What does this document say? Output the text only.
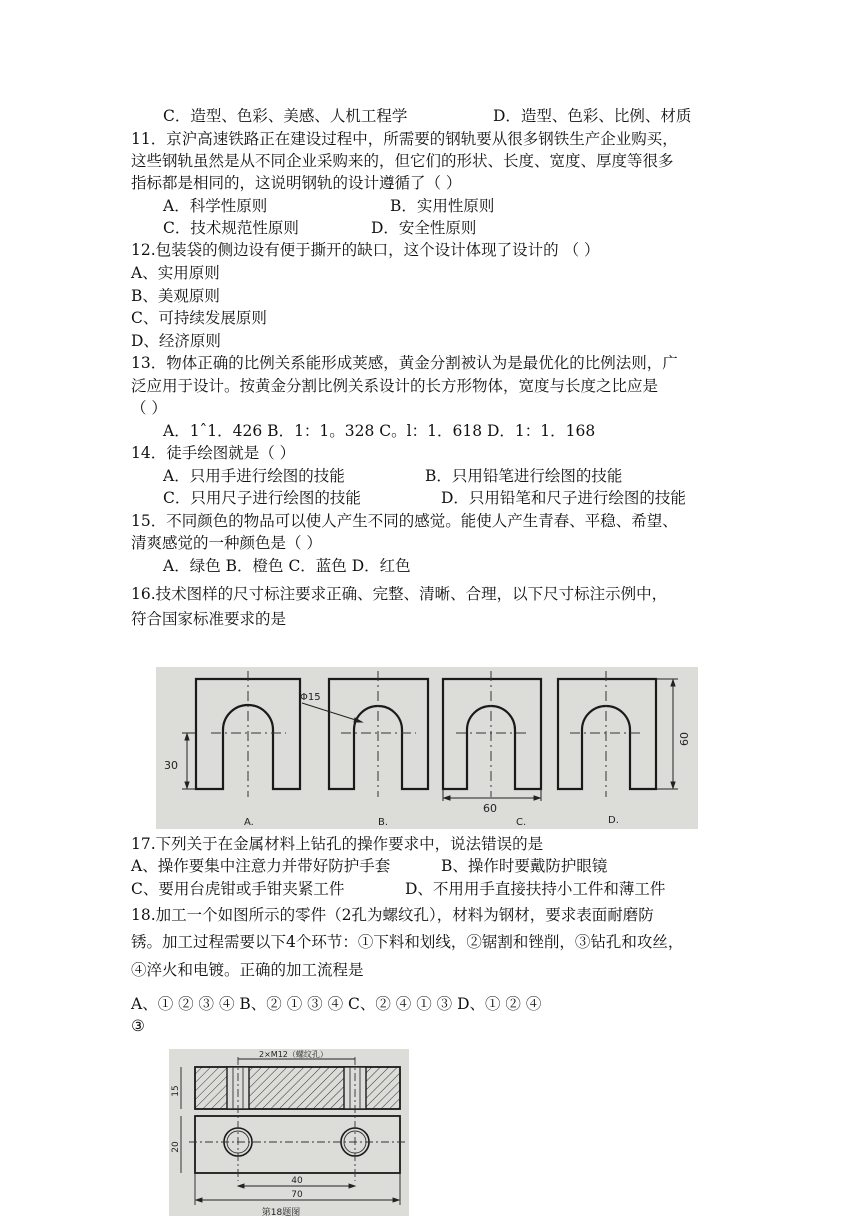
C．造型、色彩、美感、人机工程学	D．造型、色彩、比例、材质
11．京沪高速铁路正在建设过程中，所需要的钢轨要从很多钢铁生产企业购买，
这些钢轨虽然是从不同企业采购来的，但它们的形状、长度、宽度、厚度等很多
指标都是相同的，这说明钢轨的设计遵循了（ ）
A．科学性原则	B．实用性原则
C．技术规范性原则	D．安全性原则
12.包装袋的侧边设有便于撕开的缺口，这个设计体现了设计的 （ ）
A、实用原则
B、美观原则
C、可持续发展原则
D、经济原则
13．物体正确的比例关系能形成荚感，黄金分割被认为是最优化的比例法则，广
泛应用于设计。按黄金分割比例关系设计的长方形物体，宽度与长度之比应是
（ ）
A．1ˆ1．426 B．1：1。328 C。l：1．618 D．1：1．168
14．徒手绘图就是（ ）
A．只用手进行绘图的技能	B．只用铅笔进行绘图的技能
C．只用尺子进行绘图的技能	D．只用铅笔和尺子进行绘图的技能
15．不同颜色的物品可以使人产生不同的感觉。能使人产生青春、平稳、希望、
清爽感觉的一种颜色是（ ）
A．绿色 B．橙色 C．蓝色 D．红色
16.技术图样的尺寸标注要求正确、完整、清晰、合理，以下尺寸标注示例中，
符合国家标准要求的是
30
Φ15
60
60
A.	B.	C.	D.
17.下列关于在金属材料上钻孔的操作要求中，说法错误的是
A、操作要集中注意力并带好防护手套	B、操作时要戴防护眼镜
C、要用台虎钳或手钳夹紧工件	D、不用用手直接扶持小工件和薄工件
18.加工一个如图所示的零件（2孔为螺纹孔），材料为钢材，要求表面耐磨防
锈。加工过程需要以下4个环节：①下料和划线，②锯割和锉削，③钻孔和攻丝，
④淬火和电镀。正确的加工流程是
A、① ② ③ ④ B、② ① ③ ④ C、② ④ ① ③ D、① ② ④
③
2×M12（螺纹孔）
15
20
40
70
第18题图
